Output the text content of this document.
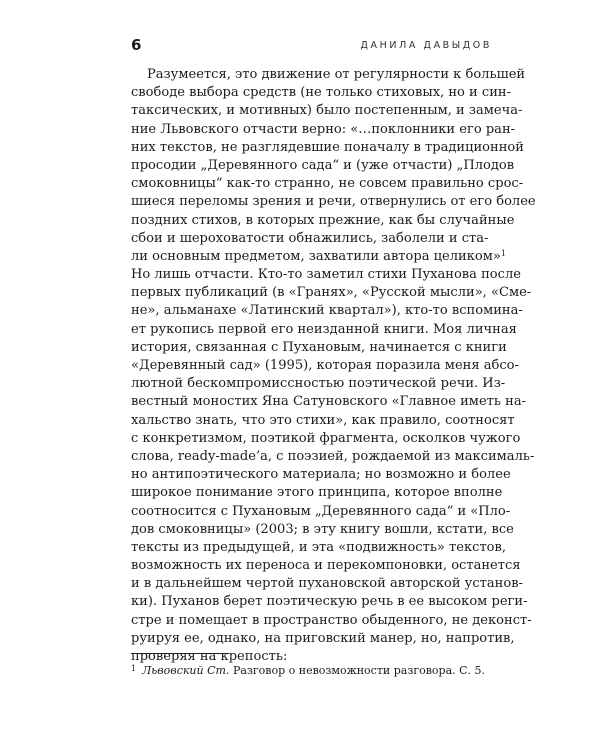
6	ДАНИЛА ДАВЫДОВ
Разумеется, это движение от регулярности к большей
свободе выбора средств (не только стиховых, но и син-
таксических, и мотивных) было постепенным, и замеча-
ние Львовского отчасти верно: «…поклонники его ран-
них текстов, не разглядевшие поначалу в традиционной
просодии „Деревянного сада“ и (уже отчасти) „Плодов
смоковницы“ как-то странно, не совсем правильно срос-
шиеся переломы зрения и речи, отвернулись от его более
поздних стихов, в которых прежние, как бы случайные
сбои и шероховатости обнажились, заболели и ста-
ли основным предметом, захватили автора целиком»$^1$
Но лишь отчасти. Кто-то заметил стихи Пуханова после
первых публикаций (в «Гранях», «Русской мысли», «Сме-
не», альманахе «Латинский квартал»), кто-то вспомина-
ет рукопись первой его неизданной книги. Моя личная
история, связанная с Пухановым, начинается с книги
«Деревянный сад» (1995), которая поразила меня абсо-
лютной бескомпромиссностью поэтической речи. Из-
вестный моностих Яна Сатуновского «Главное иметь на-
хальство знать, что это стихи», как правило, соотносят
с конкретизмом, поэтикой фрагмента, осколков чужого
слова, ready-made’а, с поэзией, рождаемой из максималь-
но антипоэтического материала; но возможно и более
широкое понимание этого принципа, которое вполне
соотносится с Пухановым „Деревянного сада“ и «Пло-
дов смоковницы» (2003; в эту книгу вошли, кстати, все
тексты из предыдущей, и эта «подвижность» текстов,
возможность их переноса и перекомпоновки, останется
и в дальнейшем чертой пухановской авторской установ-
ки). Пуханов берет поэтическую речь в ее высоком реги-
стре и помещает в пространство обыденного, не деконст-
руируя ее, однако, на приговский манер, но, напротив,
проверяя на крепость:
$^1$ Львовский Ст. Разговор о невозможности разговора. С. 5.
